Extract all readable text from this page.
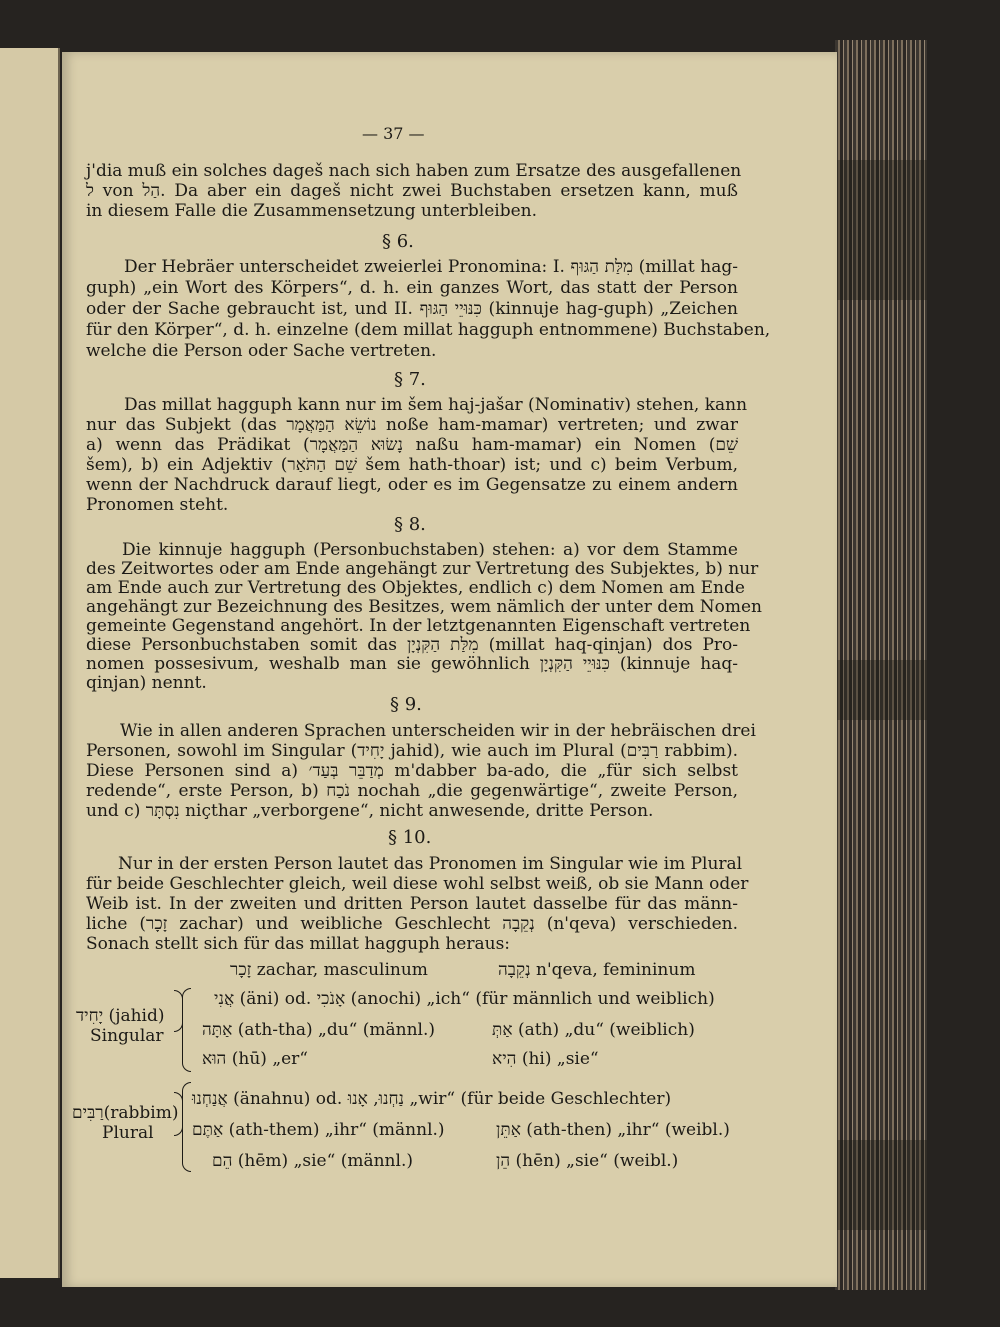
— 37 —
j'dia muß ein solches dageš nach sich haben zum Ersatze des ausgefallenen
ל von הַל. Da aber ein dageš nicht zwei Buchstaben ersetzen kann, muß
in diesem Falle die Zusammensetzung unterbleiben.
§ 6.
Der Hebräer unterscheidet zweierlei Pronomina: I. מִלַּת הַגּוּף (millat hag-
guph) „ein Wort des Körpers“, d. h. ein ganzes Wort, das statt der Person
oder der Sache gebraucht ist, und II. כִּנּוּיֵי הַגּוּף (kinnuje hag-guph) „Zeichen
für den Körper“, d. h. einzelne (dem millat hagguph entnommene) Buchstaben,
welche die Person oder Sache vertreten.
§ 7.
Das millat hagguph kann nur im šem haj-jašar (Nominativ) stehen, kann
nur das Subjekt (das נוֹשֵׂא הַמַּאֲמָר noße ham-mamar) vertreten; und zwar
a) wenn das Prädikat (נָשׂוּא הַמַּאֲמָר naßu ham-mamar) ein Nomen (שֵׁם
šem), b) ein Adjektiv (שֵׁם הַתֹּאַר šem hath-thoar) ist; und c) beim Verbum,
wenn der Nachdruck darauf liegt, oder es im Gegensatze zu einem andern
Pronomen steht.
§ 8.
Die kinnuje hagguph (Personbuchstaben) stehen: a) vor dem Stamme
des Zeitwortes oder am Ende angehängt zur Vertretung des Subjektes, b) nur
am Ende auch zur Vertretung des Objektes, endlich c) dem Nomen am Ende
angehängt zur Bezeichnung des Besitzes, wem nämlich der unter dem Nomen
gemeinte Gegenstand angehört. In der letztgenannten Eigenschaft vertreten
diese Personbuchstaben somit das מִלַּת הַקִּנְיָן (millat haq-qinjan) dos Pro-
nomen possesivum, weshalb man sie gewöhnlich כִּנּוּיֵי הַקִּנְיָן (kinnuje haq-
qinjan) nennt.
§ 9.
Wie in allen anderen Sprachen unterscheiden wir in der hebräischen drei
Personen, sowohl im Singular (יָחִיד jahid), wie auch im Plural (רַבִּים rabbim).
Diese Personen sind a) מְדַבֵּר בְּעַד׳ m'dabber ba-ado, die „für sich selbst
redende“, erste Person, b) נֹכַח nochah „die gegenwärtige“, zweite Person,
und c) נִסְתָּר niçthar „verborgene“, nicht anwesende, dritte Person.
§ 10.
Nur in der ersten Person lautet das Pronomen im Singular wie im Plural
für beide Geschlechter gleich, weil diese wohl selbst weiß, ob sie Mann oder
Weib ist. In der zweiten und dritten Person lautet dasselbe für das männ-
liche (זָכָר zachar) und weibliche Geschlecht נְקֵבָה (n'qeva) verschieden.
Sonach stellt sich für das millat hagguph heraus:
זָכָר zachar, masculinum	נְקֵבָה n'qeva, femininum
יָחִיד (jahid)
Singular
אֲנִי (äni) od. אָנֹכִי (anochi) „ich“ (für männlich und weiblich)
אַתָּה (ath-tha) „du“ (männl.)	אַתְּ (ath) „du“ (weiblich)
הוּא (hū) „er“	הִיא (hi) „sie“
רַבִּים(rabbim)
Plural
אֲנַחְנוּ (änahnu) od. נַחְנוּ, אָנוּ „wir“ (für beide Geschlechter)
אַתֶּם (ath-them) „ihr“ (männl.)	אַתֵּן (ath-then) „ihr“ (weibl.)
הֵם (hēm) „sie“ (männl.)	הֵן (hēn) „sie“ (weibl.)
